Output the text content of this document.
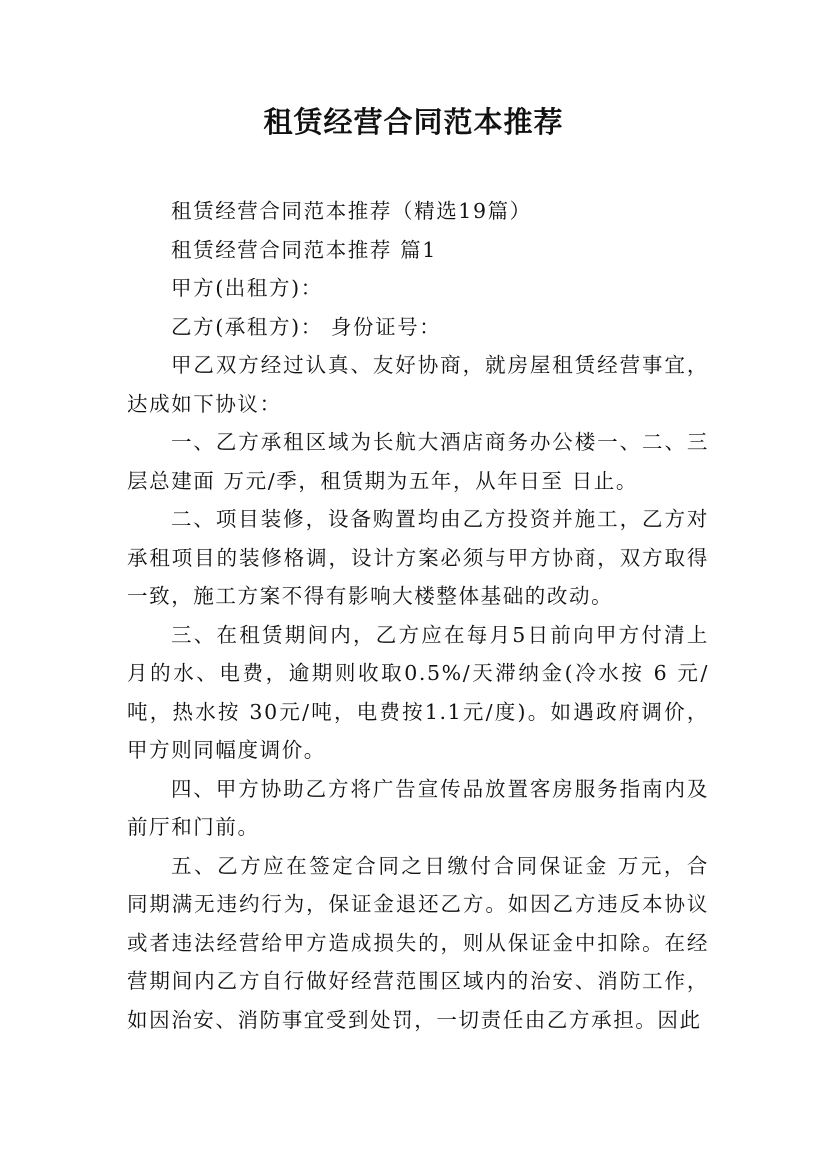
租赁经营合同范本推荐

租赁经营合同范本推荐（精选19篇）

租赁经营合同范本推荐 篇1

甲方(出租方)：

乙方(承租方)： 身份证号：

甲乙双方经过认真、友好协商，就房屋租赁经营事宜，达成如下协议：

一、乙方承租区域为长航大酒店商务办公楼一、二、三层总建面 万元/季，租赁期为五年，从年日至 日止。

二、项目装修，设备购置均由乙方投资并施工，乙方对承租项目的装修格调，设计方案必须与甲方协商，双方取得一致，施工方案不得有影响大楼整体基础的改动。

三、在租赁期间内，乙方应在每月5日前向甲方付清上月的水、电费，逾期则收取0.5%/天滞纳金(冷水按 6 元/吨，热水按 30元/吨，电费按1.1元/度)。如遇政府调价，甲方则同幅度调价。

四、甲方协助乙方将广告宣传品放置客房服务指南内及前厅和门前。

五、乙方应在签定合同之日缴付合同保证金 万元，合同期满无违约行为，保证金退还乙方。如因乙方违反本协议或者违法经营给甲方造成损失的，则从保证金中扣除。在经营期间内乙方自行做好经营范围区域内的治安、消防工作，如因治安、消防事宜受到处罚，一切责任由乙方承担。因此
